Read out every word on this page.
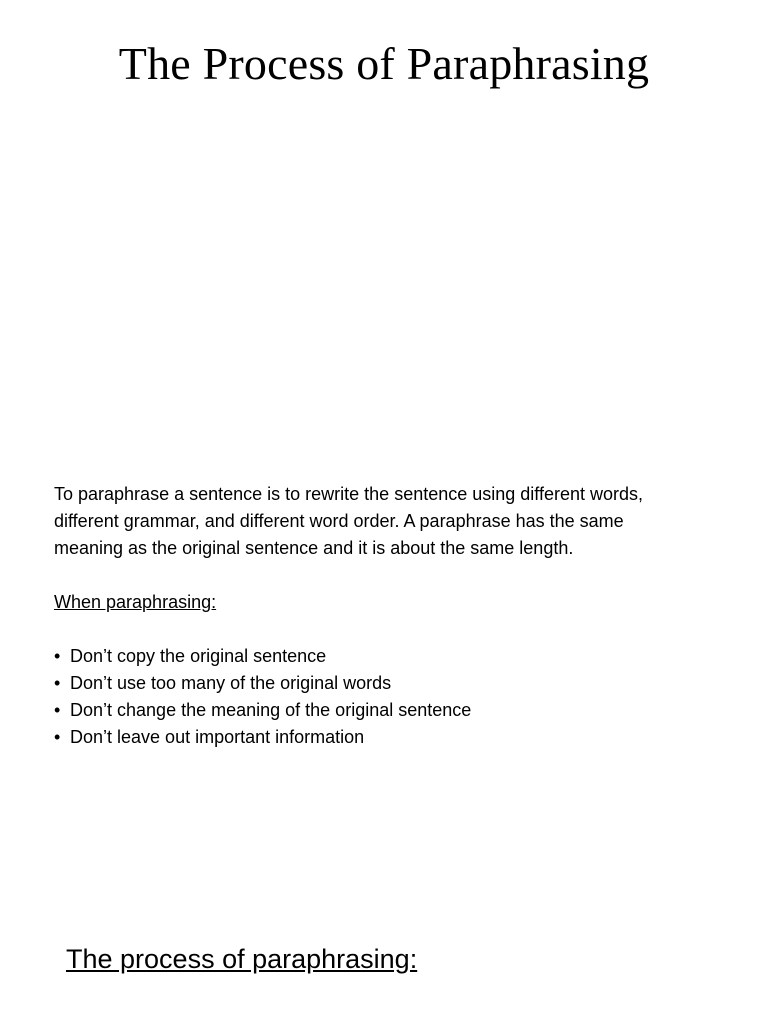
The Process of Paraphrasing

To paraphrase a sentence is to rewrite the sentence using different words, different grammar, and different word order. A paraphrase has the same meaning as the original sentence and it is about the same length.

When paraphrasing:

• Don’t copy the original sentence
• Don’t use too many of the original words
• Don’t change the meaning of the original sentence
• Don’t leave out important information
The process of paraphrasing:
